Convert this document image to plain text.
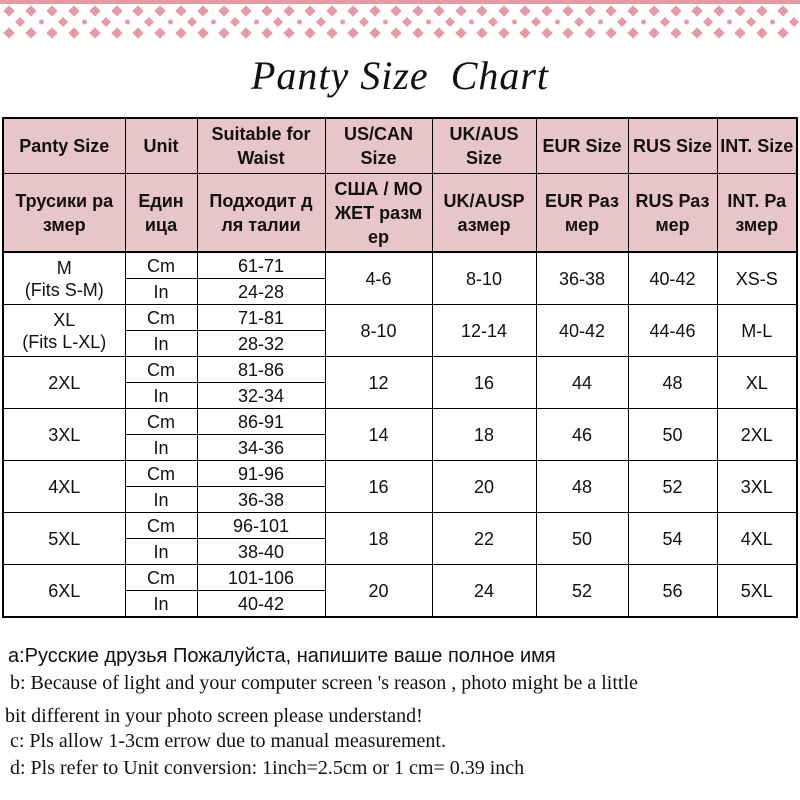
Panty Size  Chart
Panty Size	Unit	Suitable for Waist	US/CAN Size	UK/AUS Size	EUR Size	RUS Size	INT. Size
Трусики ра змер	Един ица	Подходит д ля талии	США / МО ЖЕТ разм ер	UK/AUSP азмер	EUR Раз мер	RUS Раз мер	INT. Ра змер

M
(Fits S-M)	Cm	61-71	4-6	8-10	36-38	40-42	XS-S
	In	24-28					

XL
(Fits L-XL)	Cm	71-81	8-10	12-14	40-42	44-46	M-L
	In	28-32					
2XL	Cm	81-86	12	16	44	48	XL
	In	32-34					
3XL	Cm	86-91	14	18	46	50	2XL
	In	34-36					
4XL	Cm	91-96	16	20	48	52	3XL
	In	36-38					
5XL	Cm	96-101	18	22	50	54	4XL
	In	38-40					
6XL	Cm	101-106	20	24	52	56	5XL
	In	40-42					
a:Русские друзья Пожалуйста, напишите ваше полное имя
b: Because of light and your computer screen 's reason , photo might be a little
bit different in your photo screen please understand!
c: Pls allow 1-3cm errow due to manual measurement.
d: Pls refer to Unit conversion: 1inch=2.5cm or 1 cm= 0.39 inch
